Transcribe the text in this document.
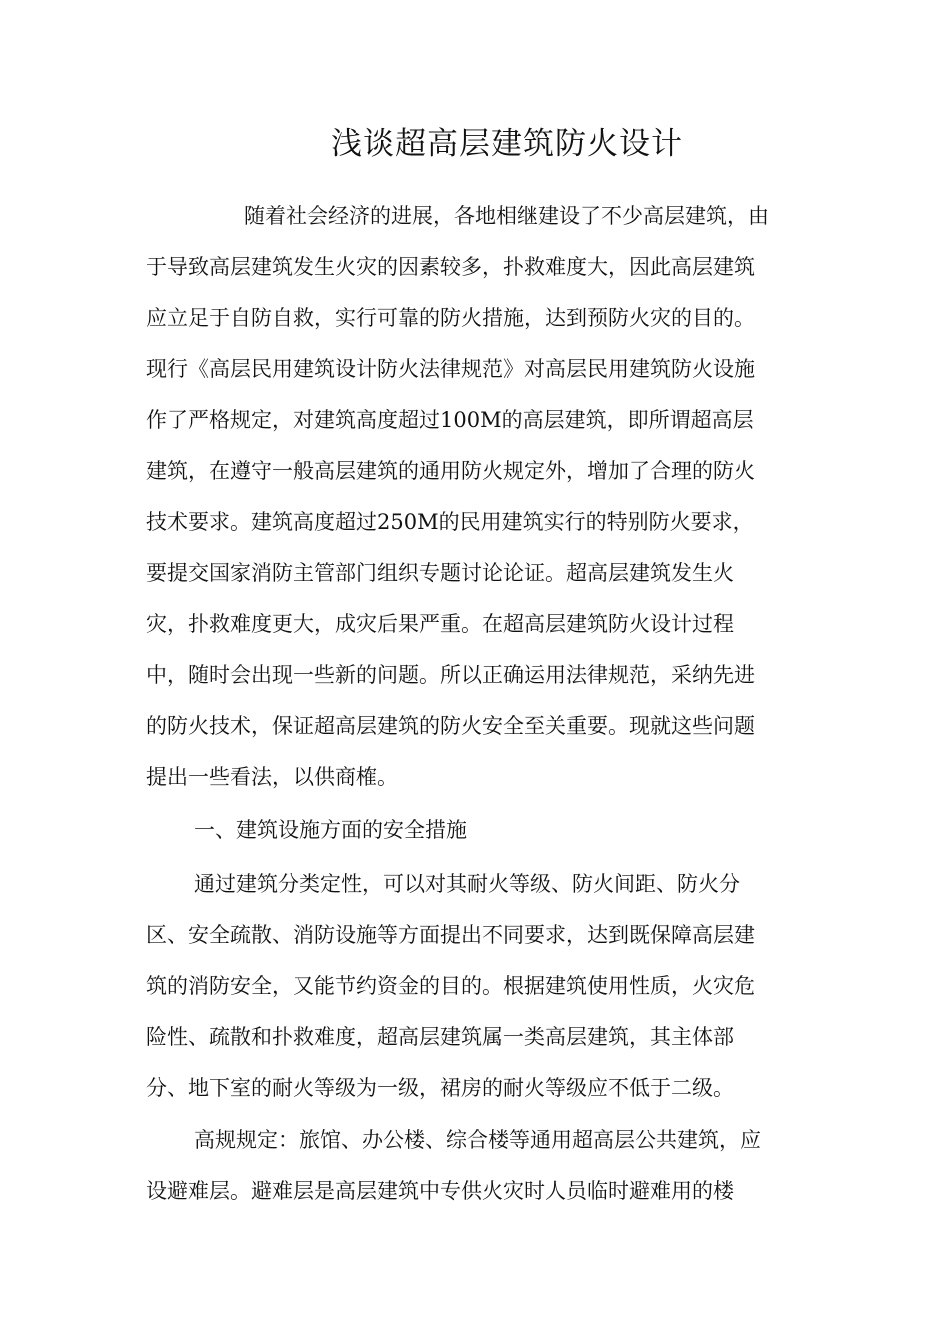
浅谈超高层建筑防火设计
随着社会经济的进展，各地相继建设了不少高层建筑，由
于导致高层建筑发生火灾的因素较多，扑救难度大，因此高层建筑
应立足于自防自救，实行可靠的防火措施，达到预防火灾的目的。
现行《高层民用建筑设计防火法律规范》对高层民用建筑防火设施
作了严格规定，对建筑高度超过100M的高层建筑，即所谓超高层
建筑，在遵守一般高层建筑的通用防火规定外，增加了合理的防火
技术要求。建筑高度超过250M的民用建筑实行的特别防火要求，
要提交国家消防主管部门组织专题讨论论证。超高层建筑发生火
灾，扑救难度更大，成灾后果严重。在超高层建筑防火设计过程
中，随时会出现一些新的问题。所以正确运用法律规范，采纳先进
的防火技术，保证超高层建筑的防火安全至关重要。现就这些问题
提出一些看法，以供商榷。
一、建筑设施方面的安全措施
通过建筑分类定性，可以对其耐火等级、防火间距、防火分
区、安全疏散、消防设施等方面提出不同要求，达到既保障高层建
筑的消防安全，又能节约资金的目的。根据建筑使用性质，火灾危
险性、疏散和扑救难度，超高层建筑属一类高层建筑，其主体部
分、地下室的耐火等级为一级，裙房的耐火等级应不低于二级。
高规规定：旅馆、办公楼、综合楼等通用超高层公共建筑，应
设避难层。避难层是高层建筑中专供火灾时人员临时避难用的楼
